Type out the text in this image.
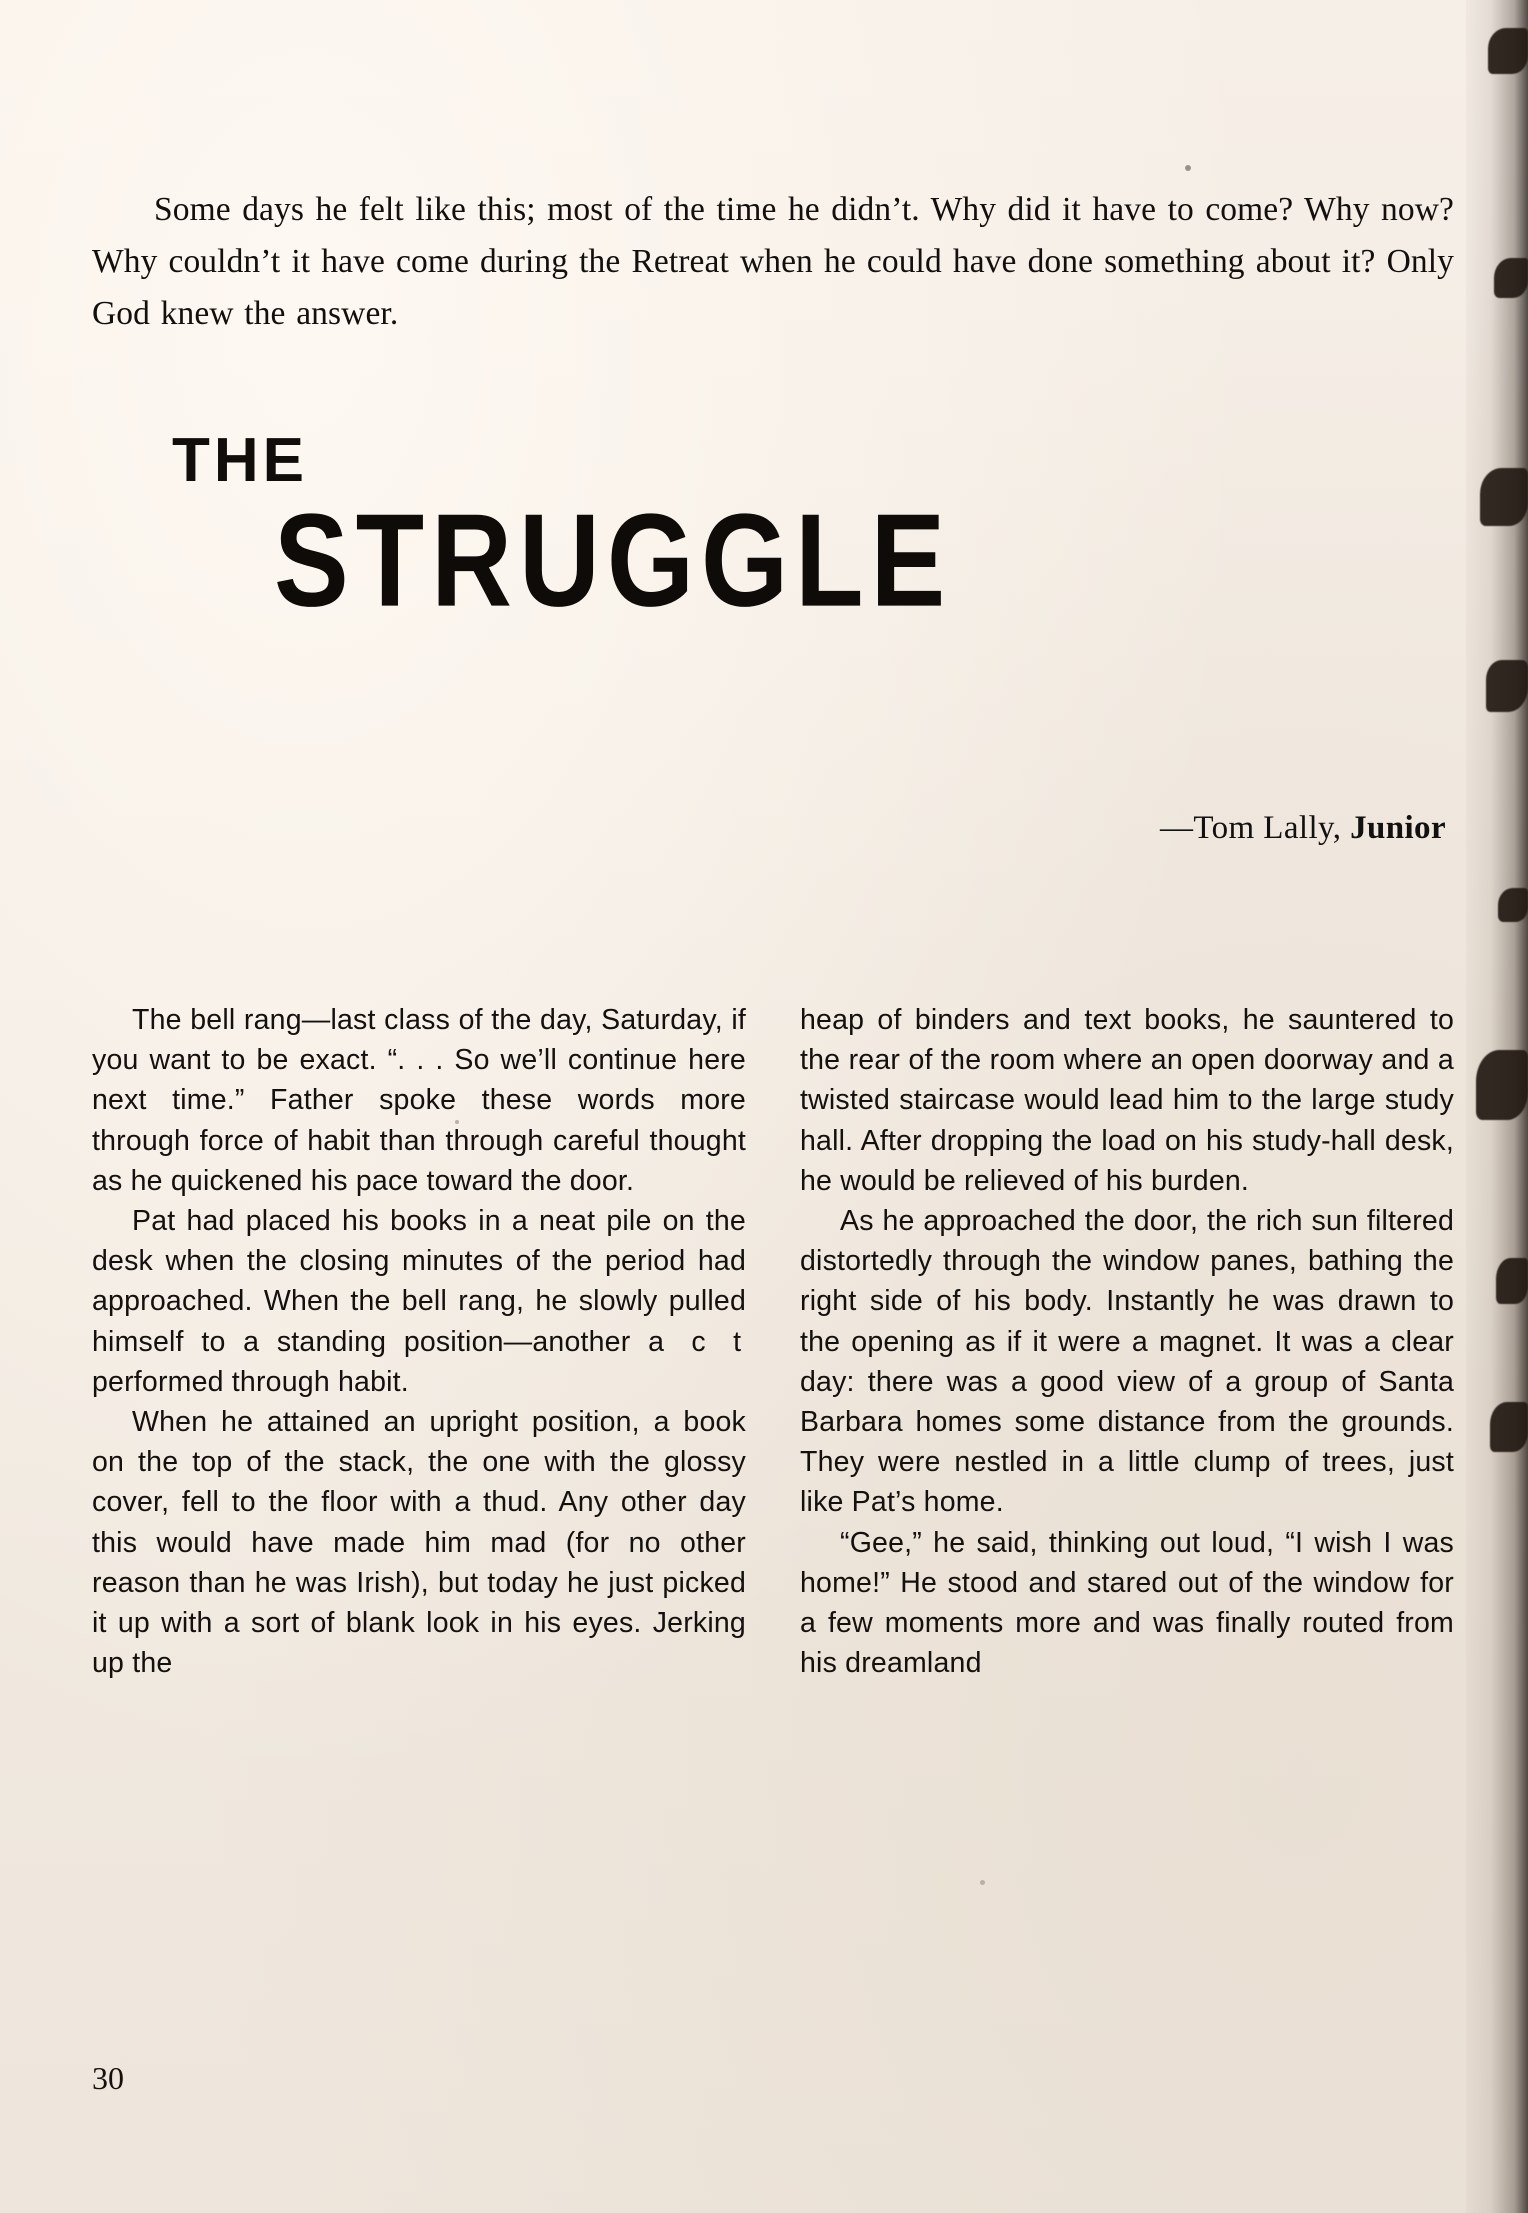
Some days he felt like this; most of the time he didn’t. Why did it have to come? Why now? Why couldn’t it have come during the Retreat when he could have done something about it? Only God knew the answer.

THE
STRUGGLE
—Tom Lally, Junior

The bell rang—last class of the day, Saturday, if you want to be exact. “. . . So we’ll continue here next time.” Father spoke these words more through force of habit than through careful thought as he quickened his pace toward the door.

Pat had placed his books in a neat pile on the desk when the closing minutes of the period had approached. When the bell rang, he slowly pulled himself to a standing position—another a c t performed through habit.

When he attained an upright position, a book on the top of the stack, the one with the glossy cover, fell to the floor with a thud. Any other day this would have made him mad (for no other reason than he was Irish), but today he just picked it up with a sort of blank look in his eyes. Jerking up the

heap of binders and text books, he sauntered to the rear of the room where an open doorway and a twisted staircase would lead him to the large study hall. After dropping the load on his study-hall desk, he would be relieved of his burden.

As he approached the door, the rich sun filtered distortedly through the window panes, bathing the right side of his body. Instantly he was drawn to the opening as if it were a magnet. It was a clear day: there was a good view of a group of Santa Barbara homes some distance from the grounds. They were nestled in a little clump of trees, just like Pat’s home.

“Gee,” he said, thinking out loud, “I wish I was home!” He stood and stared out of the window for a few moments more and was finally routed from his dreamland

30
